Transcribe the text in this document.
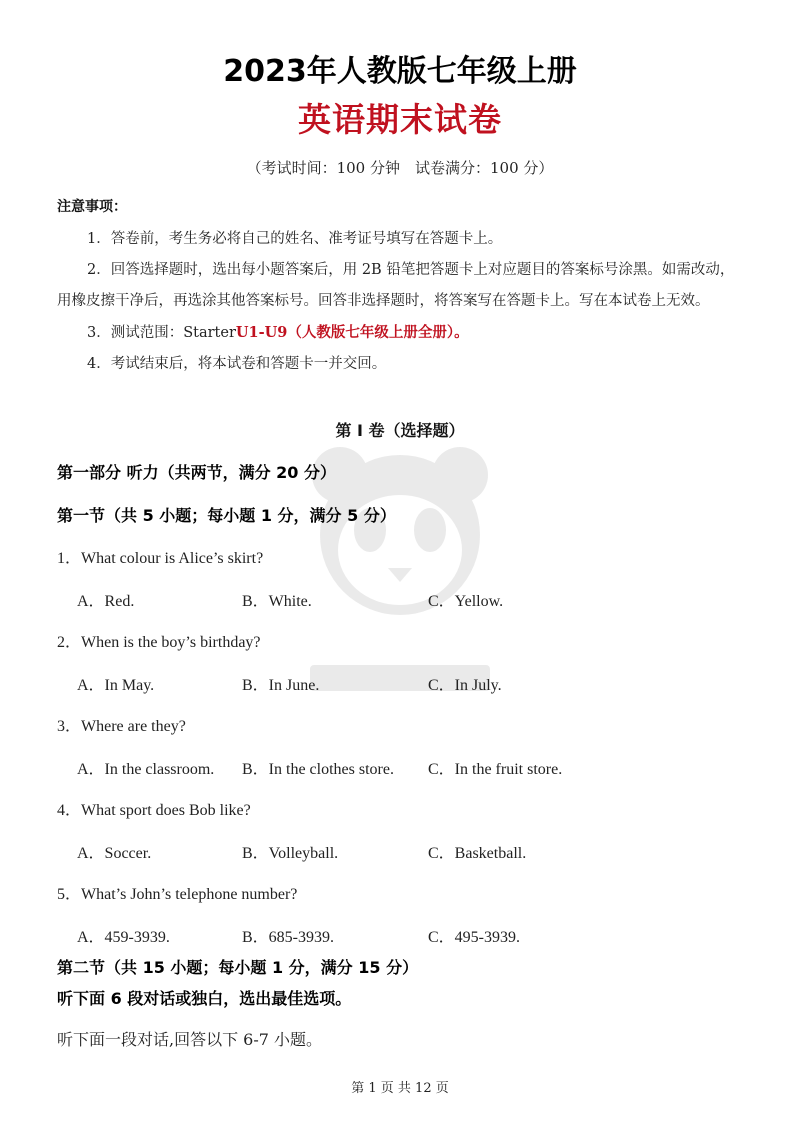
2023年人教版七年级上册
英语期末试卷
（考试时间：100 分钟　试卷满分：100 分）
注意事项：

1．答卷前，考生务必将自己的姓名、准考证号填写在答题卡上。

2．回答选择题时，选出每小题答案后，用 2B 铅笔把答题卡上对应题目的答案标号涂黑。如需改动，用橡皮擦干净后，再选涂其他答案标号。回答非选择题时，将答案写在答题卡上。写在本试卷上无效。

3．测试范围：StarterU1-U9（人教版七年级上册全册）。

4．考试结束后，将本试卷和答题卡一并交回。

第 I 卷（选择题）
第一部分 听力（共两节，满分 20 分）
第一节（共 5 小题；每小题 1 分，满分 5 分）
1．What colour is Alice’s skirt?
A．Red.	B．White.	C．Yellow.
2．When is the boy’s birthday?
A．In May.	B．In June.	C．In July.
3．Where are they?
A．In the classroom. B．In the clothes store. C．In the fruit store.
4．What sport does Bob like?
A．Soccer.	B．Volleyball.	C．Basketball.
5．What’s John’s telephone number?
A．459-3939.	B．685-3939.	C．495-3939.
第二节（共 15 小题；每小题 1 分，满分 15 分）
听下面 6 段对话或独白，选出最佳选项。
听下面一段对话,回答以下 6-7 小题。
第 1 页 共 12 页
